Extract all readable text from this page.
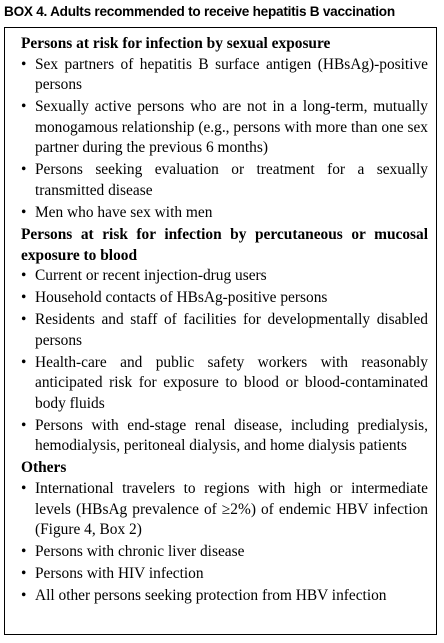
BOX 4. Adults recommended to receive hepatitis B vaccination

Persons at risk for infection by sexual exposure

• Sex partners of hepatitis B surface antigen (HBsAg)-positive persons
• Sexually active persons who are not in a long-term, mutually monogamous relationship (e.g., persons with more than one sex partner during the previous 6 months)
• Persons seeking evaluation or treatment for a sexually transmitted disease
• Men who have sex with men

Persons at risk for infection by percutaneous or mucosal exposure to blood

• Current or recent injection-drug users
• Household contacts of HBsAg-positive persons
• Residents and staff of facilities for developmentally disabled persons
• Health-care and public safety workers with reasonably anticipated risk for exposure to blood or blood-contaminated body fluids
• Persons with end-stage renal disease, including predialysis, hemodialysis, peritoneal dialysis, and home dialysis patients

Others

• International travelers to regions with high or intermediate levels (HBsAg prevalence of ≥2%) of endemic HBV infection (Figure 4, Box 2)
• Persons with chronic liver disease
• Persons with HIV infection
• All other persons seeking protection from HBV infection
